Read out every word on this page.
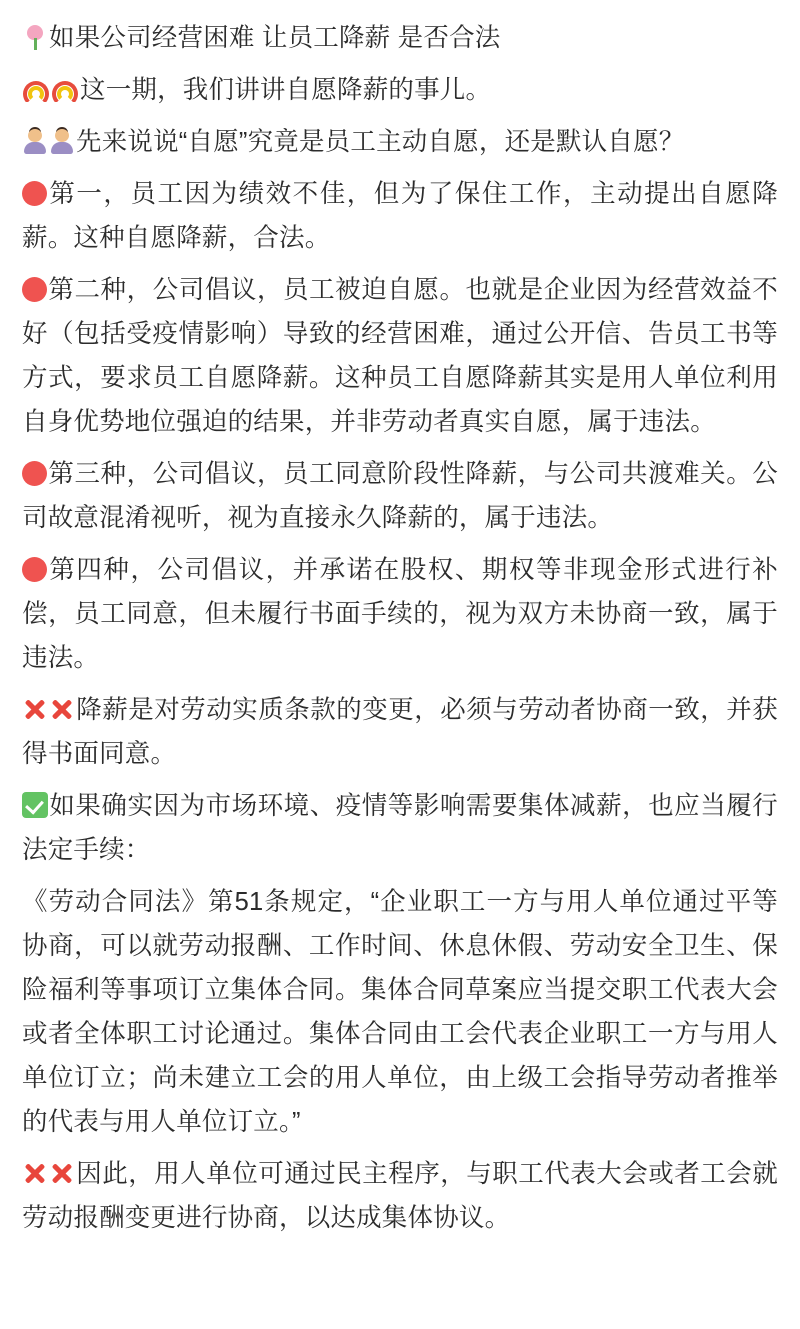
如果公司经营困难 让员工降薪 是否合法

这一期，我们讲讲自愿降薪的事儿。

先来说说“自愿”究竟是员工主动自愿，还是默认自愿？

第一，员工因为绩效不佳，但为了保住工作，主动提出自愿降薪。这种自愿降薪，合法。

第二种，公司倡议，员工被迫自愿。也就是企业因为经营效益不好（包括受疫情影响）导致的经营困难，通过公开信、告员工书等方式，要求员工自愿降薪。这种员工自愿降薪其实是用人单位利用自身优势地位强迫的结果，并非劳动者真实自愿，属于违法。

第三种，公司倡议，员工同意阶段性降薪，与公司共渡难关。公司故意混淆视听，视为直接永久降薪的，属于违法。

第四种，公司倡议，并承诺在股权、期权等非现金形式进行补偿，员工同意，但未履行书面手续的，视为双方未协商一致，属于违法。

降薪是对劳动实质条款的变更，必须与劳动者协商一致，并获得书面同意。

如果确实因为市场环境、疫情等影响需要集体减薪，也应当履行法定手续：

《劳动合同法》第51条规定，“企业职工一方与用人单位通过平等协商，可以就劳动报酬、工作时间、休息休假、劳动安全卫生、保险福利等事项订立集体合同。集体合同草案应当提交职工代表大会或者全体职工讨论通过。集体合同由工会代表企业职工一方与用人单位订立；尚未建立工会的用人单位，由上级工会指导劳动者推举的代表与用人单位订立。”

因此，用人单位可通过民主程序，与职工代表大会或者工会就劳动报酬变更进行协商，以达成集体协议。
